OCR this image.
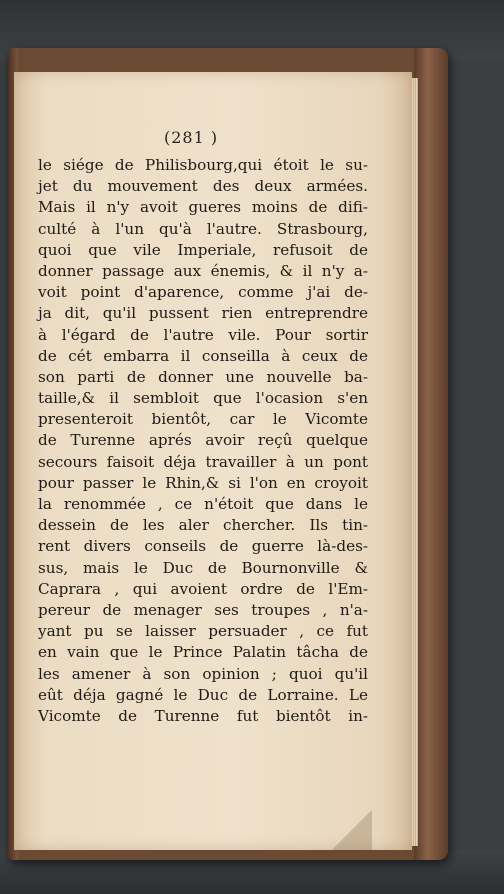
(281 )
le siége de Philisbourg,qui étoit le su-
jet du mouvement des deux armées.
Mais il n'y avoit gueres moins de difi-
culté à l'un qu'à l'autre. Strasbourg,
quoi que vile Imperiale, refusoit de
donner passage aux énemis, & il n'y a-
voit point d'aparence, comme j'ai de-
ja dit, qu'il pussent rien entreprendre
à l'égard de l'autre vile. Pour sortir
de cét embarra il conseilla à ceux de
son parti de donner une nouvelle ba-
taille,& il sembloit que l'ocasion s'en
presenteroit bientôt, car le Vicomte
de Turenne aprés avoir reçû quelque
secours faisoit déja travailler à un pont
pour passer le Rhin,& si l'on en croyoit
la renommée , ce n'étoit que dans le
dessein de les aler chercher. Ils tin-
rent divers conseils de guerre là-des-
sus, mais le Duc de Bournonville &
Caprara , qui avoient ordre de l'Em-
pereur de menager ses troupes , n'a-
yant pu se laisser persuader , ce fut
en vain que le Prince Palatin tâcha de
les amener à son opinion ; quoi qu'il
eût déja gagné le Duc de Lorraine. Le
Vicomte de Turenne fut bientôt in-
